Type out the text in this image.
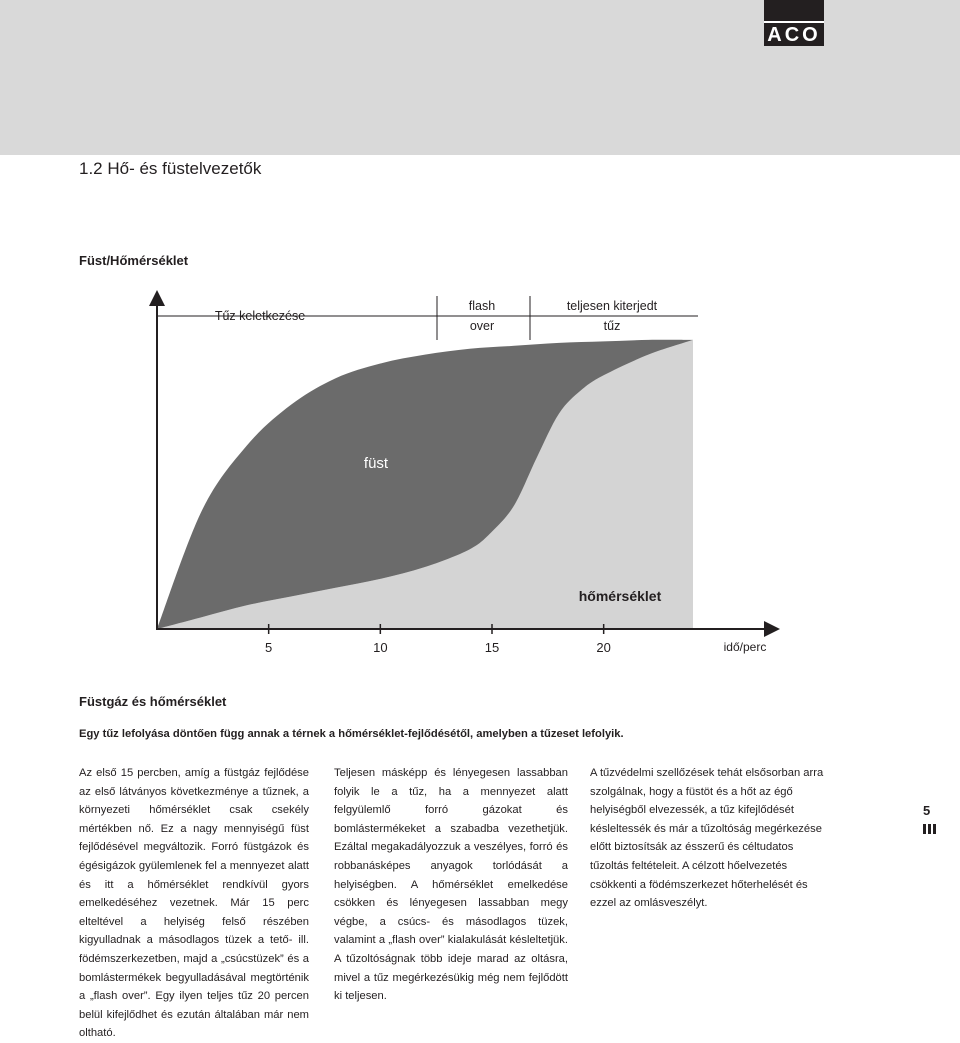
ACO
1.2 Hő- és füstelvezetők
Füst/Hőmérséklet
5	10	15	20
Tűz keletkezése
flash
over
teljesen kiterjedt
tűz
füst
hőmérséklet
idő/perc
Füstgáz és hőmérséklet
Egy tűz lefolyása döntően függ annak a térnek a hőmérséklet-fejlődésétől, amelyben a tűzeset lefolyik.
Az első 15 percben, amíg a füstgáz fejlődése az első látványos következménye a tűznek, a környezeti hőmérséklet csak csekély mértékben nő. Ez a nagy mennyiségű füst fejlődésével megváltozik. Forró füstgázok és égésigázok gyülemlenek fel a mennyezet alatt és itt a hőmérséklet rendkívül gyors emelkedéséhez vezetnek. Már 15 perc elteltével a helyiség felső részében kigyulladnak a másodlagos tüzek a tető- ill. födémszerkezetben, majd a „csúcstüzek” és a bomlástermékek begyulladásával megtörténik a „flash over”. Egy ilyen teljes tűz 20 percen belül kifejlődhet és ezután általában már nem oltható.
Teljesen másképp és lényegesen lassabban folyik le a tűz, ha a mennyezet alatt felgyülemlő forró gázokat és bomlástermékeket a szabadba vezethetjük. Ezáltal megakadályozzuk a veszélyes, forró és robbanásképes anyagok torlódását a helyiségben. A hőmérséklet emelkedése csökken és lényegesen lassabban megy végbe, a csúcs- és másodlagos tüzek, valamint a „flash over” kialakulását késleltetjük. A tűzoltóságnak több ideje marad az oltásra, mivel a tűz megérkezésükig még nem fejlődött ki teljesen.
A tűzvédelmi szellőzések tehát elsősorban arra szolgálnak, hogy a füstöt és a hőt az égő helyiségből elvezessék, a tűz kifejlődését késleltessék és már a tűzoltóság megérkezése előtt biztosítsák az ésszerű és céltudatos tűzoltás feltételeit. A célzott hőelvezetés csökkenti a födémszerkezet hőterhelését és ezzel az omlásveszélyt.
5
